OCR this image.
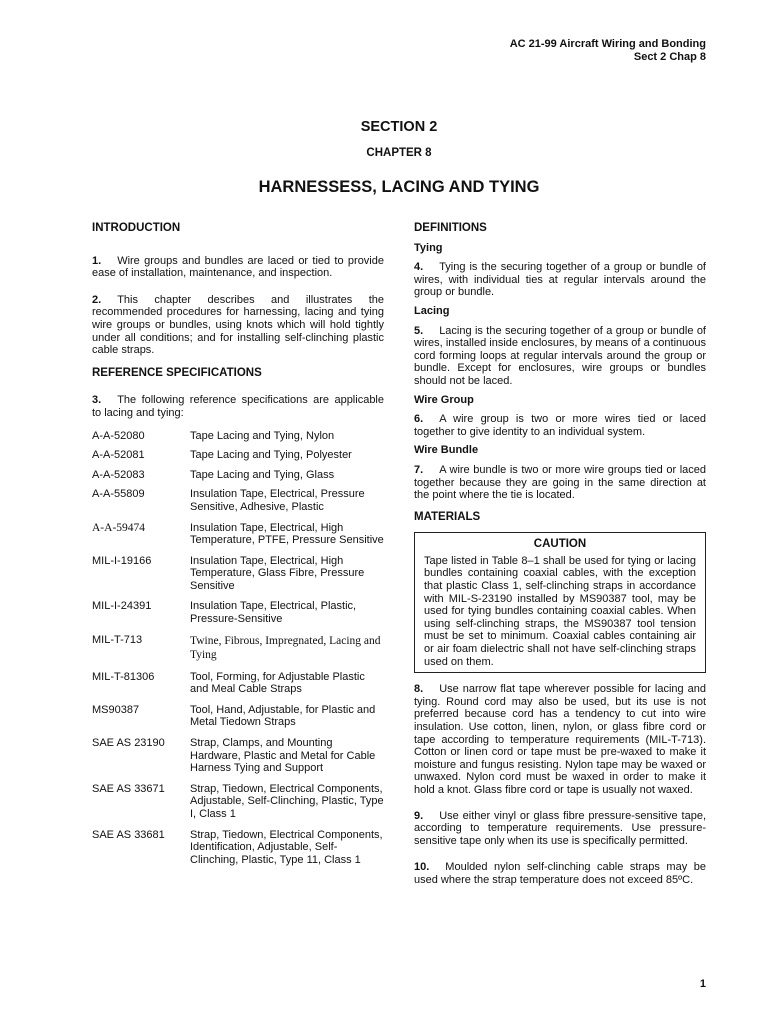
AC 21-99 Aircraft Wiring and Bonding
Sect 2 Chap 8
SECTION 2
CHAPTER 8
HARNESSESS, LACING AND TYING
INTRODUCTION

1. Wire groups and bundles are laced or tied to provide ease of installation, maintenance, and inspection.

2. This chapter describes and illustrates the recommended procedures for harnessing, lacing and tying wire groups or bundles, using knots which will hold tightly under all conditions; and for installing self-clinching plastic cable straps.

REFERENCE SPECIFICATIONS

3. The following reference specifications are applicable to lacing and tying:

A-A-52080	Tape Lacing and Tying, Nylon
A-A-52081	Tape Lacing and Tying, Polyester
A-A-52083	Tape Lacing and Tying, Glass
A-A-55809	Insulation Tape, Electrical, Pressure Sensitive, Adhesive, Plastic
A-A-59474	Insulation Tape, Electrical, High Temperature, PTFE, Pressure Sensitive
MIL-I-19166	Insulation Tape, Electrical, High Temperature, Glass Fibre, Pressure Sensitive
MIL-I-24391	Insulation Tape, Electrical, Plastic, Pressure-Sensitive
MIL-T-713	Twine, Fibrous, Impregnated, Lacing and Tying
MIL-T-81306	Tool, Forming, for Adjustable Plastic and Meal Cable Straps
MS90387	Tool, Hand, Adjustable, for Plastic and Metal Tiedown Straps
SAE AS 23190	Strap, Clamps, and Mounting Hardware, Plastic and Metal for Cable Harness Tying and Support
SAE AS 33671	Strap, Tiedown, Electrical Components, Adjustable, Self-Clinching, Plastic, Type I, Class 1
SAE AS 33681	Strap, Tiedown, Electrical Components, Identification, Adjustable, Self-Clinching, Plastic, Type 11, Class 1
DEFINITIONS
Tying

4. Tying is the securing together of a group or bundle of wires, with individual ties at regular intervals around the group or bundle.

Lacing

5. Lacing is the securing together of a group or bundle of wires, installed inside enclosures, by means of a continuous cord forming loops at regular intervals around the group or bundle. Except for enclosures, wire groups or bundles should not be laced.

Wire Group

6. A wire group is two or more wires tied or laced together to give identity to an individual system.

Wire Bundle

7. A wire bundle is two or more wire groups tied or laced together because they are going in the same direction at the point where the tie is located.

MATERIALS
CAUTION

Tape listed in Table 8–1 shall be used for tying or lacing bundles containing coaxial cables, with the exception that plastic Class 1, self-clinching straps in accordance with MIL-S-23190 installed by MS90387 tool, may be used for tying bundles containing coaxial cables. When using self-clinching straps, the MS90387 tool tension must be set to minimum. Coaxial cables containing air or air foam dielectric shall not have self-clinching straps used on them.

8. Use narrow flat tape wherever possible for lacing and tying. Round cord may also be used, but its use is not preferred because cord has a tendency to cut into wire insulation. Use cotton, linen, nylon, or glass fibre cord or tape according to temperature requirements (MIL-T-713). Cotton or linen cord or tape must be pre-waxed to make it moisture and fungus resisting. Nylon tape may be waxed or unwaxed. Nylon cord must be waxed in order to make it hold a knot. Glass fibre cord or tape is usually not waxed.

9. Use either vinyl or glass fibre pressure-sensitive tape, according to temperature requirements. Use pressure-sensitive tape only when its use is specifically permitted.

10. Moulded nylon self-clinching cable straps may be used where the strap temperature does not exceed 85ºC.

1
